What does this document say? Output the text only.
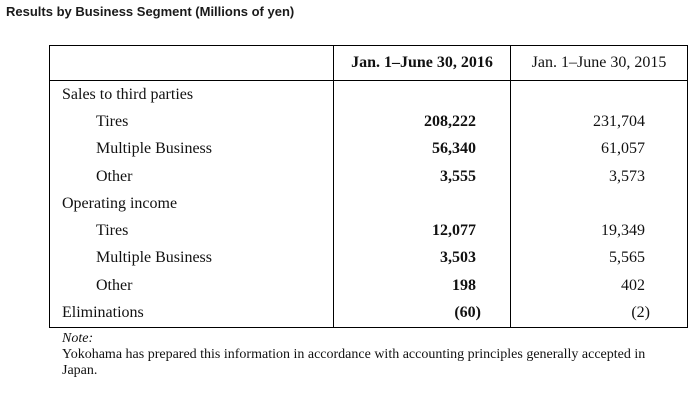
Results by Business Segment (Millions of yen)
	Jan. 1–June 30, 2016	Jan. 1–June 30, 2015
Sales to third parties		
Tires	208,222	231,704
Multiple Business	56,340	61,057
Other	3,555	3,573
Operating income		
Tires	12,077	19,349
Multiple Business	3,503	5,565
Other	198	402
Eliminations	(60)	(2)
Note:
Yokohama has prepared this information in accordance with accounting principles generally accepted in Japan.
